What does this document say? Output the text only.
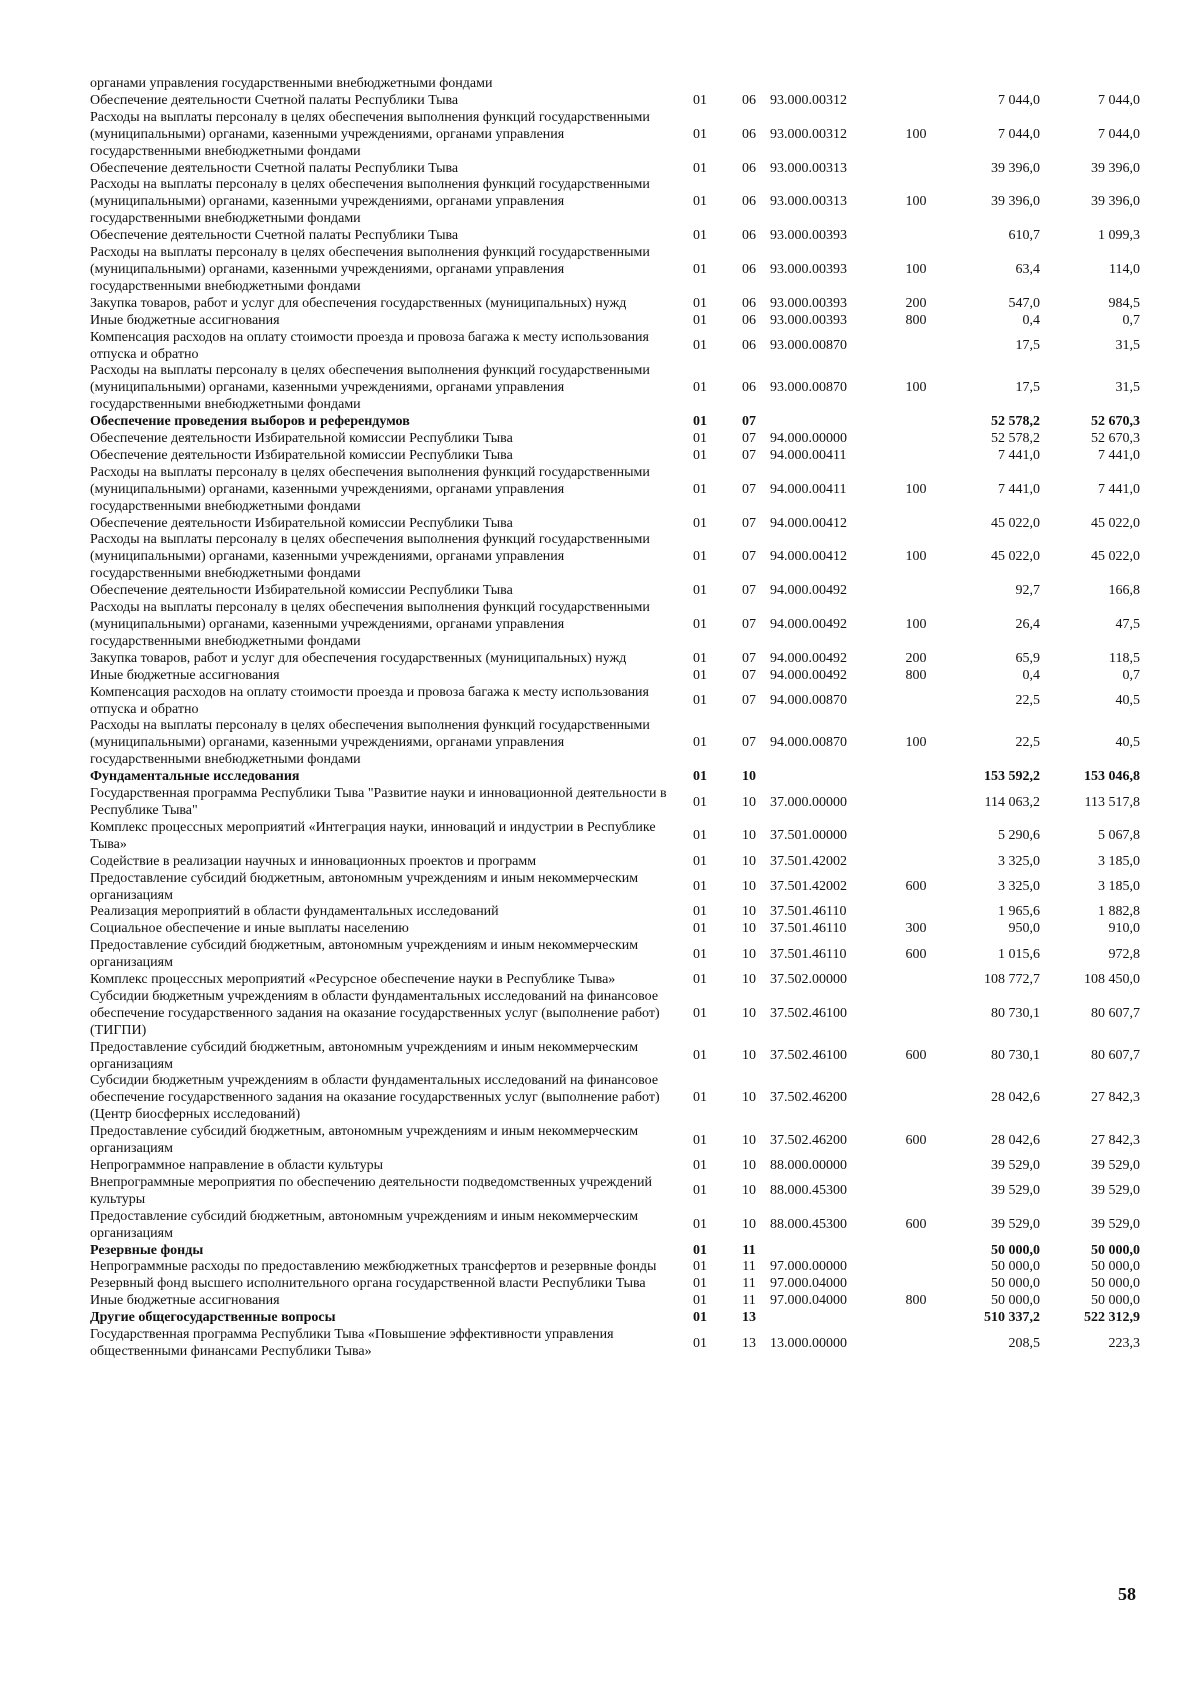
органами управления государственными внебюджетными фондами						
Обеспечение деятельности Счетной палаты Республики Тыва	01	06	93.000.00312		7 044,0	7 044,0
Расходы на выплаты персоналу в целях обеспечения выполнения функций государственными (муниципальными) органами, казенными учреждениями, органами управления государственными внебюджетными фондами	01	06	93.000.00312	100	7 044,0	7 044,0
Обеспечение деятельности Счетной палаты Республики Тыва	01	06	93.000.00313		39 396,0	39 396,0
Расходы на выплаты персоналу в целях обеспечения выполнения функций государственными (муниципальными) органами, казенными учреждениями, органами управления государственными внебюджетными фондами	01	06	93.000.00313	100	39 396,0	39 396,0
Обеспечение деятельности Счетной палаты Республики Тыва	01	06	93.000.00393		610,7	1 099,3
Расходы на выплаты персоналу в целях обеспечения выполнения функций государственными (муниципальными) органами, казенными учреждениями, органами управления государственными внебюджетными фондами	01	06	93.000.00393	100	63,4	114,0
Закупка товаров, работ и услуг для обеспечения государственных (муниципальных) нужд	01	06	93.000.00393	200	547,0	984,5
Иные бюджетные ассигнования	01	06	93.000.00393	800	0,4	0,7
Компенсация расходов на оплату стоимости проезда и провоза багажа к месту использования отпуска и обратно	01	06	93.000.00870		17,5	31,5
Расходы на выплаты персоналу в целях обеспечения выполнения функций государственными (муниципальными) органами, казенными учреждениями, органами управления государственными внебюджетными фондами	01	06	93.000.00870	100	17,5	31,5
Обеспечение проведения выборов и референдумов	01	07			52 578,2	52 670,3
Обеспечение деятельности Избирательной комиссии Республики Тыва	01	07	94.000.00000		52 578,2	52 670,3
Обеспечение деятельности Избирательной комиссии Республики Тыва	01	07	94.000.00411		7 441,0	7 441,0
Расходы на выплаты персоналу в целях обеспечения выполнения функций государственными (муниципальными) органами, казенными учреждениями, органами управления государственными внебюджетными фондами	01	07	94.000.00411	100	7 441,0	7 441,0
Обеспечение деятельности Избирательной комиссии Республики Тыва	01	07	94.000.00412		45 022,0	45 022,0
Расходы на выплаты персоналу в целях обеспечения выполнения функций государственными (муниципальными) органами, казенными учреждениями, органами управления государственными внебюджетными фондами	01	07	94.000.00412	100	45 022,0	45 022,0
Обеспечение деятельности Избирательной комиссии Республики Тыва	01	07	94.000.00492		92,7	166,8
Расходы на выплаты персоналу в целях обеспечения выполнения функций государственными (муниципальными) органами, казенными учреждениями, органами управления государственными внебюджетными фондами	01	07	94.000.00492	100	26,4	47,5
Закупка товаров, работ и услуг для обеспечения государственных (муниципальных) нужд	01	07	94.000.00492	200	65,9	118,5
Иные бюджетные ассигнования	01	07	94.000.00492	800	0,4	0,7
Компенсация расходов на оплату стоимости проезда и провоза багажа к месту использования отпуска и обратно	01	07	94.000.00870		22,5	40,5
Расходы на выплаты персоналу в целях обеспечения выполнения функций государственными (муниципальными) органами, казенными учреждениями, органами управления государственными внебюджетными фондами	01	07	94.000.00870	100	22,5	40,5
Фундаментальные исследования	01	10			153 592,2	153 046,8
Государственная программа Республики Тыва "Развитие науки и инновационной деятельности в Республике Тыва"	01	10	37.000.00000		114 063,2	113 517,8
Комплекс процессных мероприятий «Интеграция науки, инноваций и индустрии в Республике Тыва»	01	10	37.501.00000		5 290,6	5 067,8
Содействие в реализации научных и инновационных проектов и программ	01	10	37.501.42002		3 325,0	3 185,0
Предоставление субсидий бюджетным, автономным учреждениям и иным некоммерческим организациям	01	10	37.501.42002	600	3 325,0	3 185,0
Реализация мероприятий в области фундаментальных исследований	01	10	37.501.46110		1 965,6	1 882,8
Социальное обеспечение и иные выплаты населению	01	10	37.501.46110	300	950,0	910,0
Предоставление субсидий бюджетным, автономным учреждениям и иным некоммерческим организациям	01	10	37.501.46110	600	1 015,6	972,8
Комплекс процессных мероприятий «Ресурсное обеспечение науки в Республике Тыва»	01	10	37.502.00000		108 772,7	108 450,0
Субсидии бюджетным учреждениям в области фундаментальных исследований на финансовое обеспечение государственного задания на оказание государственных услуг (выполнение работ) (ТИГПИ)	01	10	37.502.46100		80 730,1	80 607,7
Предоставление субсидий бюджетным, автономным учреждениям и иным некоммерческим организациям	01	10	37.502.46100	600	80 730,1	80 607,7
Субсидии бюджетным учреждениям в области фундаментальных исследований на финансовое обеспечение государственного задания на оказание государственных услуг (выполнение работ) (Центр биосферных исследований)	01	10	37.502.46200		28 042,6	27 842,3
Предоставление субсидий бюджетным, автономным учреждениям и иным некоммерческим организациям	01	10	37.502.46200	600	28 042,6	27 842,3
Непрограммное направление в области культуры	01	10	88.000.00000		39 529,0	39 529,0
Внепрограммные мероприятия по обеспечению деятельности подведомственных учреждений культуры	01	10	88.000.45300		39 529,0	39 529,0
Предоставление субсидий бюджетным, автономным учреждениям и иным некоммерческим организациям	01	10	88.000.45300	600	39 529,0	39 529,0
Резервные фонды	01	11			50 000,0	50 000,0
Непрограммные расходы по предоставлению межбюджетных трансфертов и резервные фонды	01	11	97.000.00000		50 000,0	50 000,0
Резервный фонд высшего исполнительного органа государственной власти Республики Тыва	01	11	97.000.04000		50 000,0	50 000,0
Иные бюджетные ассигнования	01	11	97.000.04000	800	50 000,0	50 000,0
Другие общегосударственные вопросы	01	13			510 337,2	522 312,9
Государственная программа Республики Тыва «Повышение эффективности управления общественными финансами Республики Тыва»	01	13	13.000.00000		208,5	223,3
58
